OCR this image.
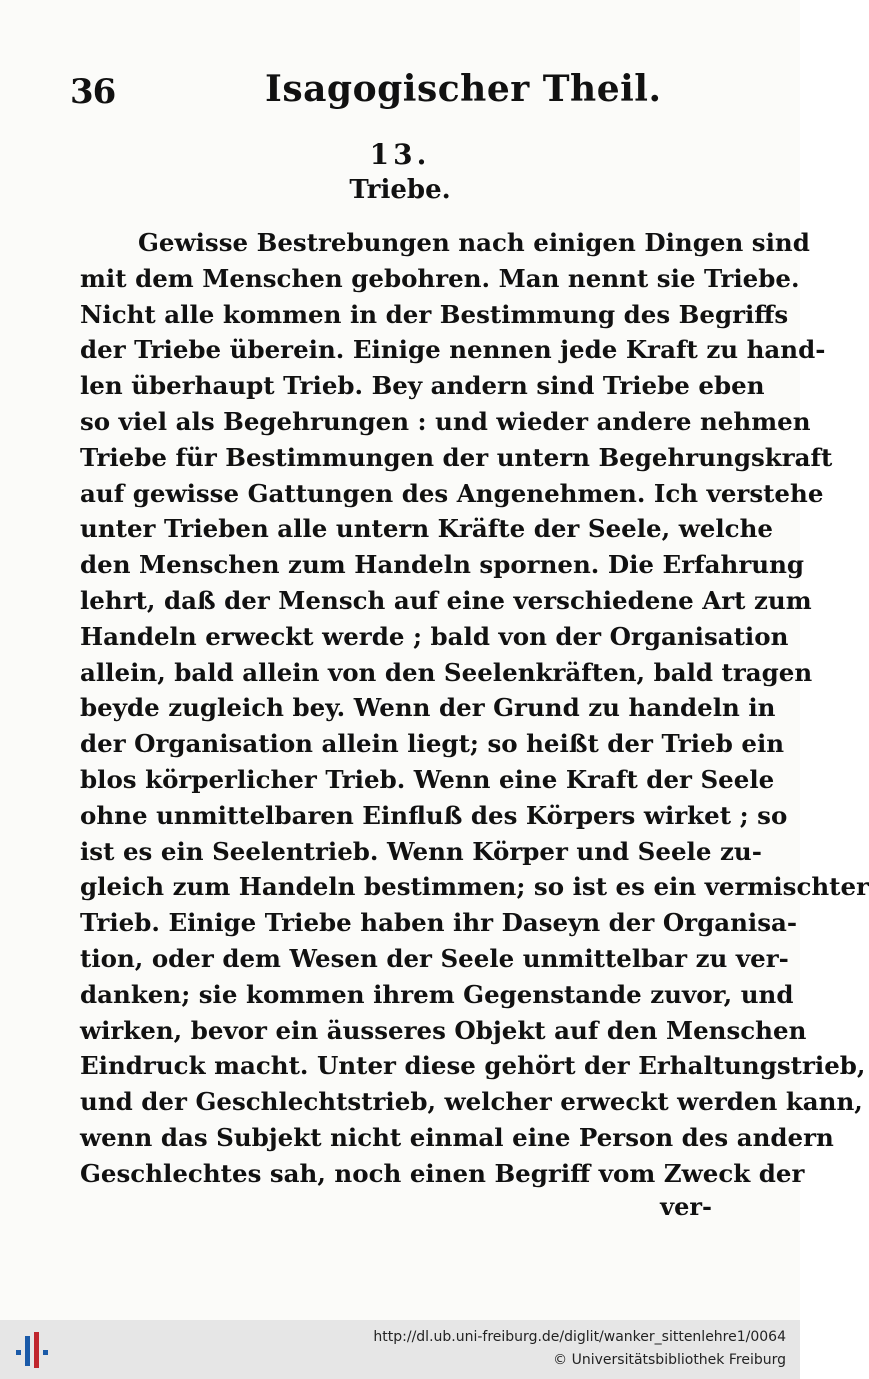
36	Isagogischer Theil.
13.
Triebe.
Gewisse Bestrebungen nach einigen Dingen sind
mit dem Menschen gebohren. Man nennt sie Triebe.
Nicht alle kommen in der Bestimmung des Begriffs
der Triebe überein. Einige nennen jede Kraft zu hand-
len überhaupt Trieb. Bey andern sind Triebe eben
so viel als Begehrungen : und wieder andere nehmen
Triebe für Bestimmungen der untern Begehrungskraft
auf gewisse Gattungen des Angenehmen. Ich verstehe
unter Trieben alle untern Kräfte der Seele, welche
den Menschen zum Handeln spornen. Die Erfahrung
lehrt, daß der Mensch auf eine verschiedene Art zum
Handeln erweckt werde ; bald von der Organisation
allein, bald allein von den Seelenkräften, bald tragen
beyde zugleich bey. Wenn der Grund zu handeln in
der Organisation allein liegt; so heißt der Trieb ein
blos körperlicher Trieb. Wenn eine Kraft der Seele
ohne unmittelbaren Einfluß des Körpers wirket ; so
ist es ein Seelentrieb. Wenn Körper und Seele zu-
gleich zum Handeln bestimmen; so ist es ein vermischter
Trieb. Einige Triebe haben ihr Daseyn der Organisa-
tion, oder dem Wesen der Seele unmittelbar zu ver-
danken; sie kommen ihrem Gegenstande zuvor, und
wirken, bevor ein äusseres Objekt auf den Menschen
Eindruck macht. Unter diese gehört der Erhaltungstrieb,
und der Geschlechtstrieb, welcher erweckt werden kann,
wenn das Subjekt nicht einmal eine Person des andern
Geschlechtes sah, noch einen Begriff vom Zweck der
ver-
http://dl.ub.uni-freiburg.de/diglit/wanker_sittenlehre1/0064
© Universitätsbibliothek Freiburg
